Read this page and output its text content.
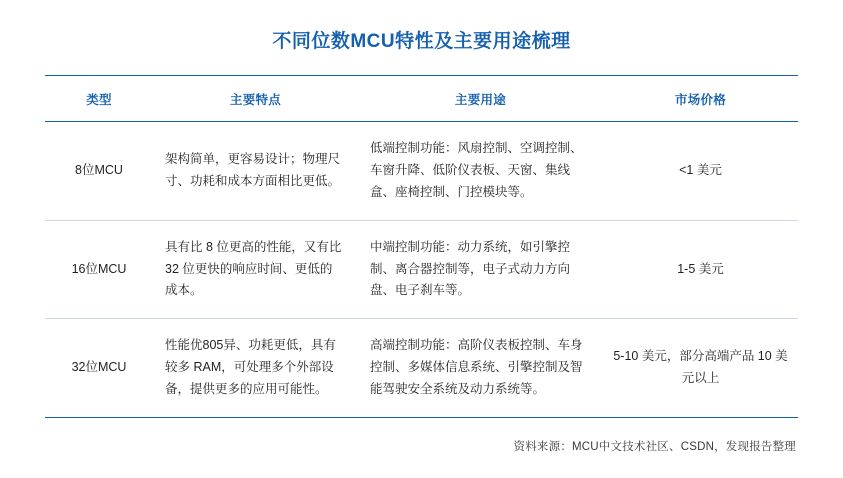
不同位数MCU特性及主要用途梳理
类型	主要特点	主要用途	市场价格
8位MCU	架构简单，更容易设计；物理尺寸、功耗和成本方面相比更低。	低端控制功能：风扇控制、空调控制、车窗升降、低阶仪表板、天窗、集线盒、座椅控制、门控模块等。	<1 美元
16位MCU	具有比 8 位更高的性能，又有比 32 位更快的响应时间、更低的成本。	中端控制功能：动力系统，如引擎控制、离合器控制等，电子式动力方向盘、电子刹车等。	1-5 美元
32位MCU	性能优805异、功耗更低，具有较多 RAM，可处理多个外部设备，提供更多的应用可能性。	高端控制功能：高阶仪表板控制、车身控制、多媒体信息系统、引擎控制及智能驾驶安全系统及动力系统等。	5-10 美元，部分高端产品 10 美元以上
资料来源：MCU中文技术社区、CSDN，发现报告整理
